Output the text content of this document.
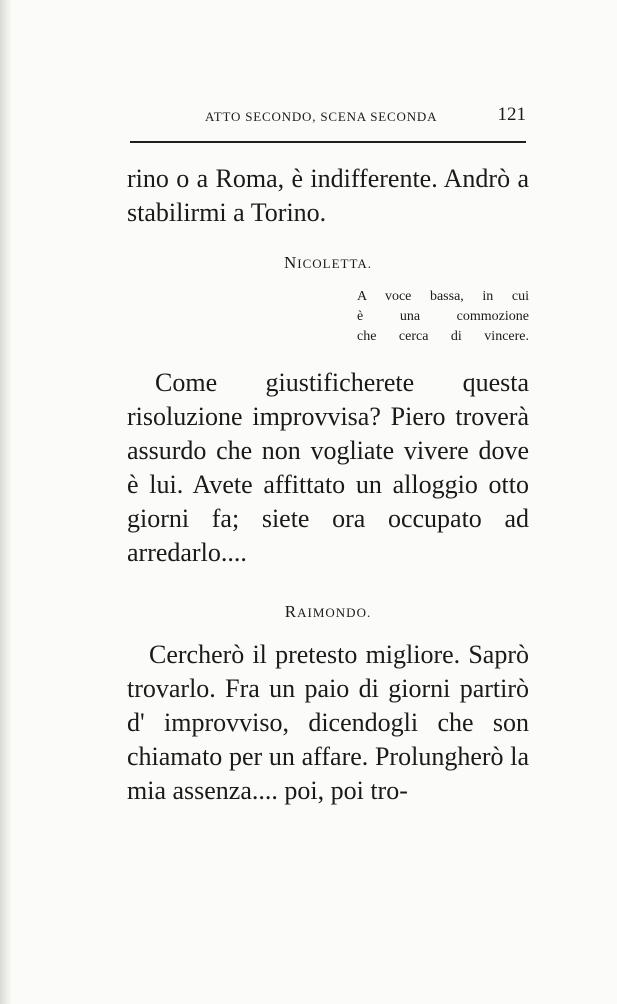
ATTO SECONDO, SCENA SECONDA	121

rino o a Roma, è indifferente. Andrò a stabilirmi a Torino.

NICOLETTA.

A voce bassa, in cui
è una commozione
che cerca di vincere.

Come giustificherete questa risoluzione improvvisa? Piero troverà assurdo che non vogliate vivere dove è lui. Avete affittato un alloggio otto giorni fa; siete ora occupato ad arredarlo....

RAIMONDO.

Cercherò il pretesto migliore. Saprò trovarlo. Fra un paio di giorni partirò d' improvviso, dicendogli che son chiamato per un affare. Prolungherò la mia assenza.... poi, poi tro-
